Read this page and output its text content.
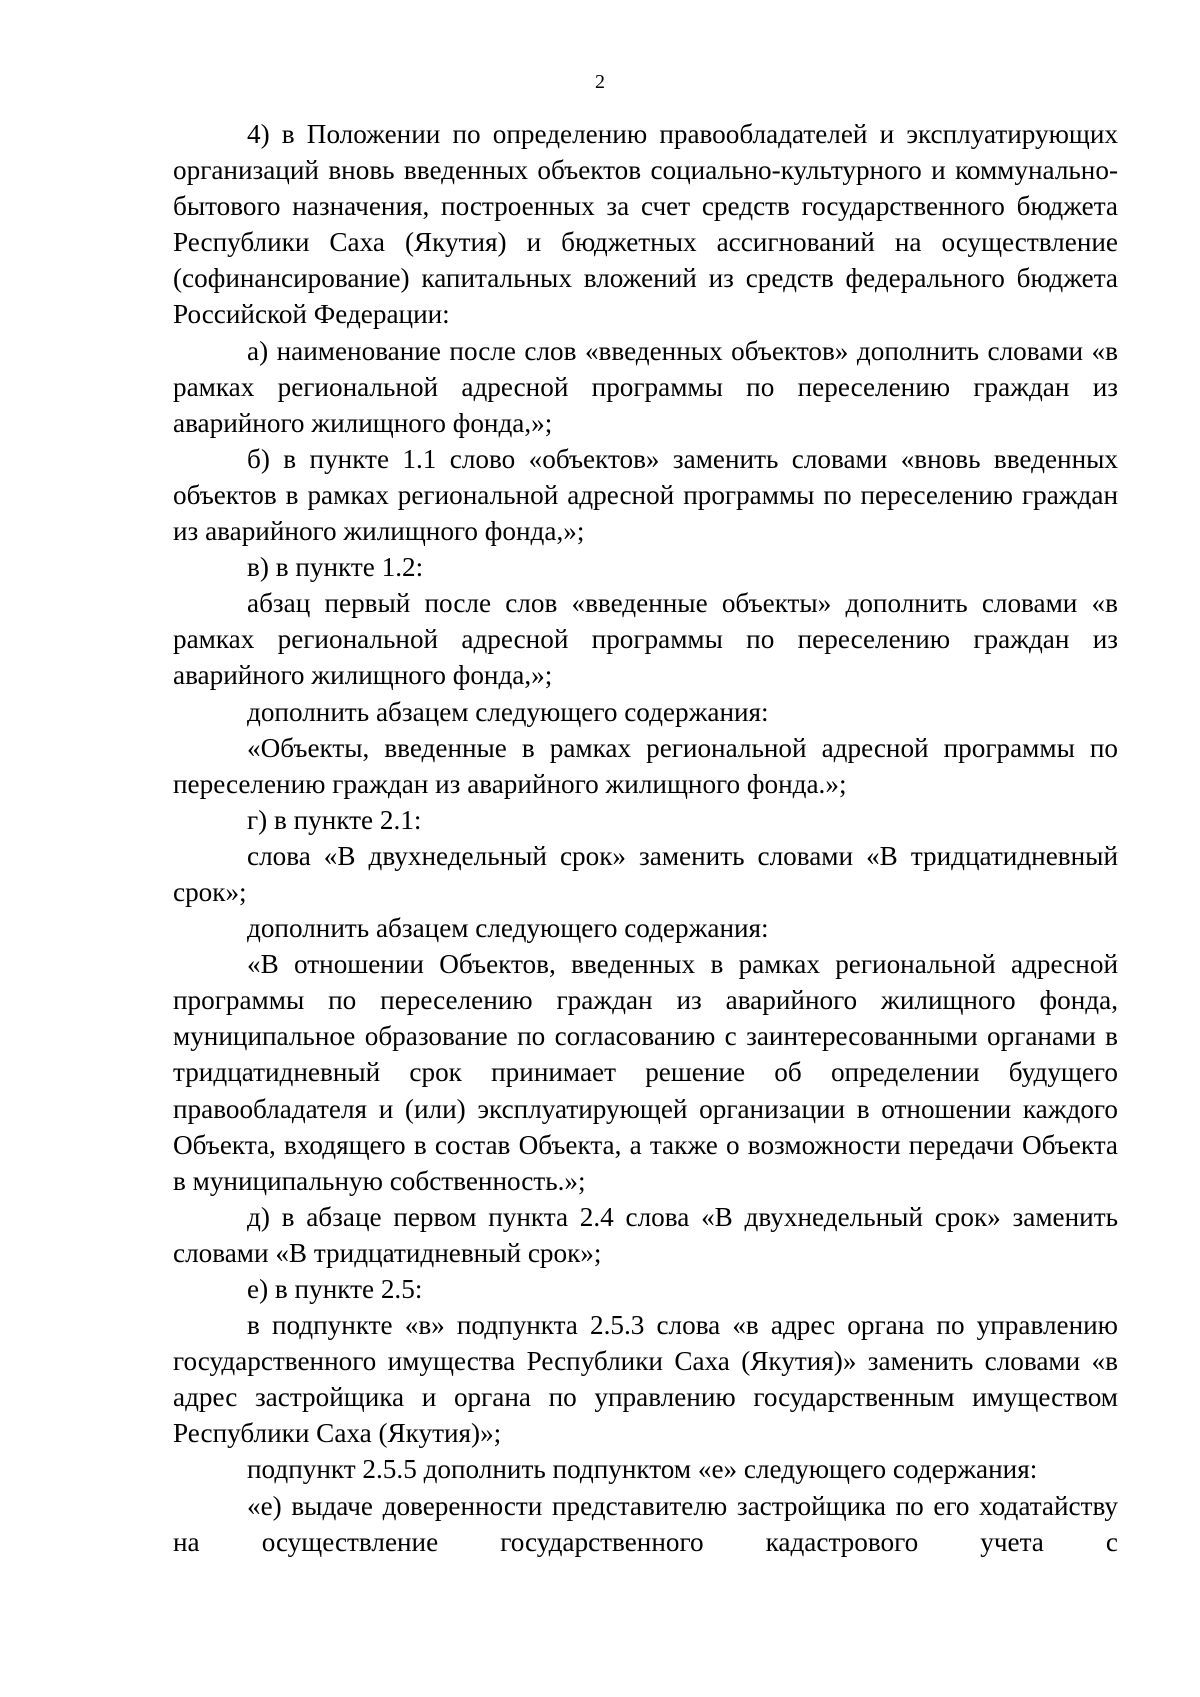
2

4) в Положении по определению правообладателей и эксплуатирующих организаций вновь введенных объектов социально-культурного и коммунально-бытового назначения, построенных за счет средств государственного бюджета Республики Саха (Якутия) и бюджетных ассигнований на осуществление (софинансирование) капитальных вложений из средств федерального бюджета Российской Федерации:

а) наименование после слов «введенных объектов» дополнить словами «в рамках региональной адресной программы по переселению граждан из аварийного жилищного фонда,»;

б) в пункте 1.1 слово «объектов» заменить словами «вновь введенных объектов в рамках региональной адресной программы по переселению граждан из аварийного жилищного фонда,»;

в) в пункте 1.2:

абзац первый после слов «введенные объекты» дополнить словами «в рамках региональной адресной программы по переселению граждан из аварийного жилищного фонда,»;

дополнить абзацем следующего содержания:

«Объекты, введенные в рамках региональной адресной программы по переселению граждан из аварийного жилищного фонда.»;

г) в пункте 2.1:

слова «В двухнедельный срок» заменить словами «В тридцатидневный срок»;

дополнить абзацем следующего содержания:

«В отношении Объектов, введенных в рамках региональной адресной программы по переселению граждан из аварийного жилищного фонда, муниципальное образование по согласованию с заинтересованными органами в тридцатидневный срок принимает решение об определении будущего правообладателя и (или) эксплуатирующей организации в отношении каждого Объекта, входящего в состав Объекта, а также о возможности передачи Объекта в муниципальную собственность.»;

д) в абзаце первом пункта 2.4 слова «В двухнедельный срок» заменить словами «В тридцатидневный срок»;

е) в пункте 2.5:

в подпункте «в» подпункта 2.5.3 слова «в адрес органа по управлению государственного имущества Республики Саха (Якутия)» заменить словами «в адрес застройщика и органа по управлению государственным имуществом Республики Саха (Якутия)»;

подпункт 2.5.5 дополнить подпунктом «е» следующего содержания:

«е) выдаче доверенности представителю застройщика по его ходатайству на осуществление государственного кадастрового учета с
